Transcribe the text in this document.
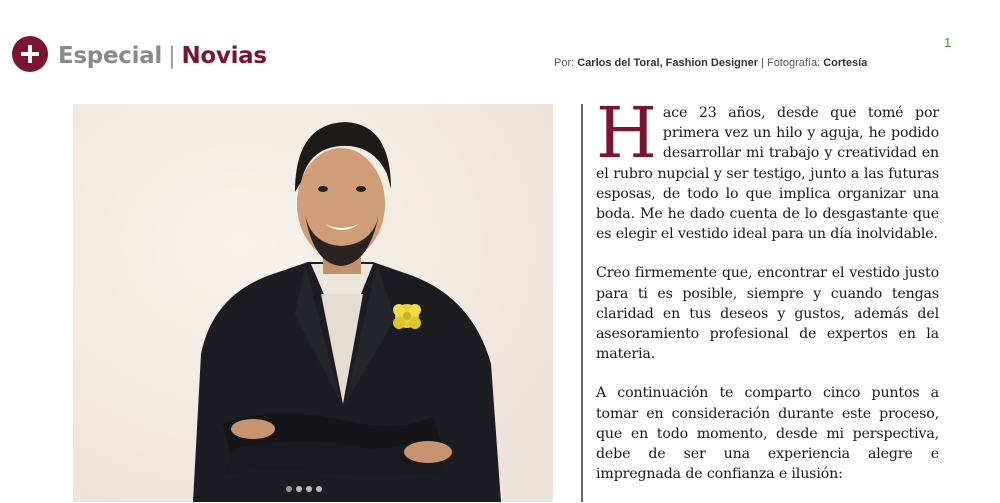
Especial | Novias	Por: Carlos del Toral, Fashion Designer | Fotografía: Cortesía
1

Hace 23 años, desde que tomé por primera vez un hilo y aguja, he podido desarrollar mi trabajo y creatividad en el rubro nupcial y ser testigo, junto a las futuras esposas, de todo lo que implica organizar una boda. Me he dado cuenta de lo desgastante que es elegir el vestido ideal para un día inolvidable.

Creo firmemente que, encontrar el vestido justo para ti es posible, siempre y cuando tengas claridad en tus deseos y gustos, además del asesoramiento profesional de expertos en la materia.

A continuación te comparto cinco puntos a tomar en consideración durante este proceso, que en todo momento, desde mi perspectiva, debe de ser una experiencia alegre e impregnada de confianza e ilusión:
